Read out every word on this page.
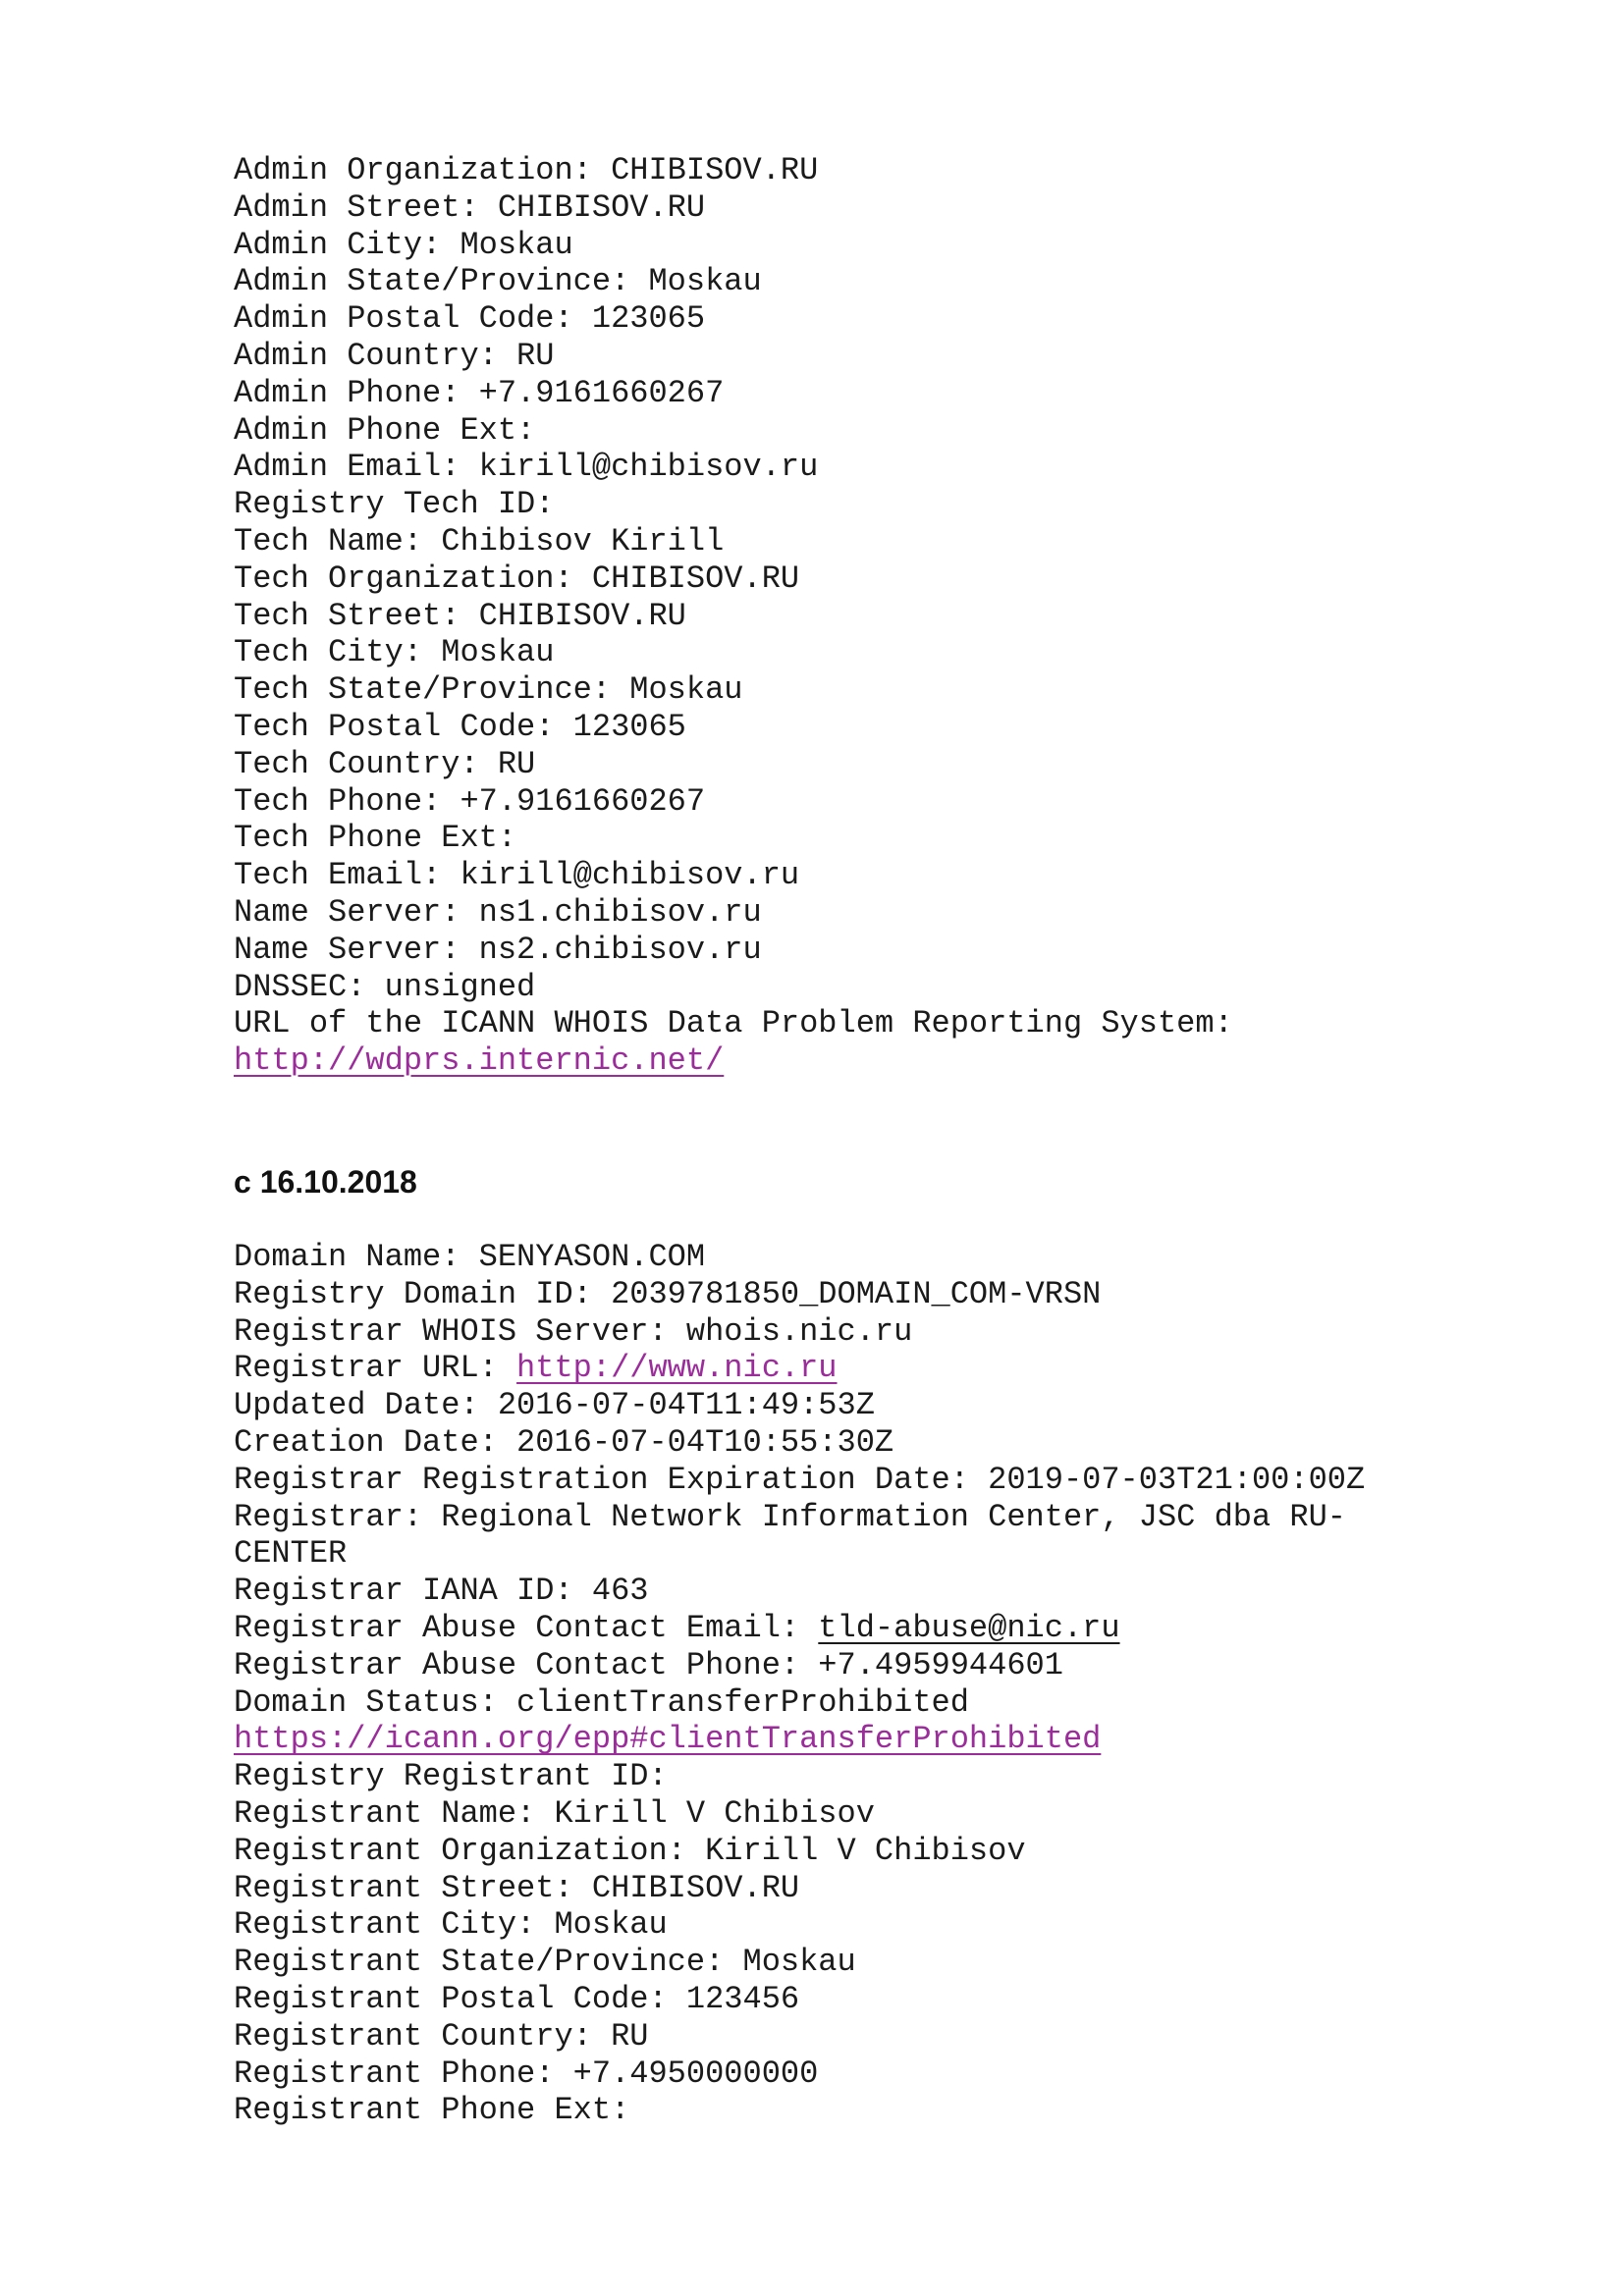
Admin Organization: CHIBISOV.RU
Admin Street: CHIBISOV.RU
Admin City: Moskau
Admin State/Province: Moskau
Admin Postal Code: 123065
Admin Country: RU
Admin Phone: +7.9161660267
Admin Phone Ext:
Admin Email: kirill@chibisov.ru
Registry Tech ID:
Tech Name: Chibisov Kirill
Tech Organization: CHIBISOV.RU
Tech Street: CHIBISOV.RU
Tech City: Moskau
Tech State/Province: Moskau
Tech Postal Code: 123065
Tech Country: RU
Tech Phone: +7.9161660267
Tech Phone Ext:
Tech Email: kirill@chibisov.ru
Name Server: ns1.chibisov.ru
Name Server: ns2.chibisov.ru
DNSSEC: unsigned
URL of the ICANN WHOIS Data Problem Reporting System:
http://wdprs.internic.net/
c 16.10.2018
Domain Name: SENYASON.COM
Registry Domain ID: 2039781850_DOMAIN_COM-VRSN
Registrar WHOIS Server: whois.nic.ru
Registrar URL: http://www.nic.ru
Updated Date: 2016-07-04T11:49:53Z
Creation Date: 2016-07-04T10:55:30Z
Registrar Registration Expiration Date: 2019-07-03T21:00:00Z
Registrar: Regional Network Information Center, JSC dba RU-
CENTER
Registrar IANA ID: 463
Registrar Abuse Contact Email: tld-abuse@nic.ru
Registrar Abuse Contact Phone: +7.4959944601
Domain Status: clientTransferProhibited
https://icann.org/epp#clientTransferProhibited
Registry Registrant ID:
Registrant Name: Kirill V Chibisov
Registrant Organization: Kirill V Chibisov
Registrant Street: CHIBISOV.RU
Registrant City: Moskau
Registrant State/Province: Moskau
Registrant Postal Code: 123456
Registrant Country: RU
Registrant Phone: +7.4950000000
Registrant Phone Ext:
